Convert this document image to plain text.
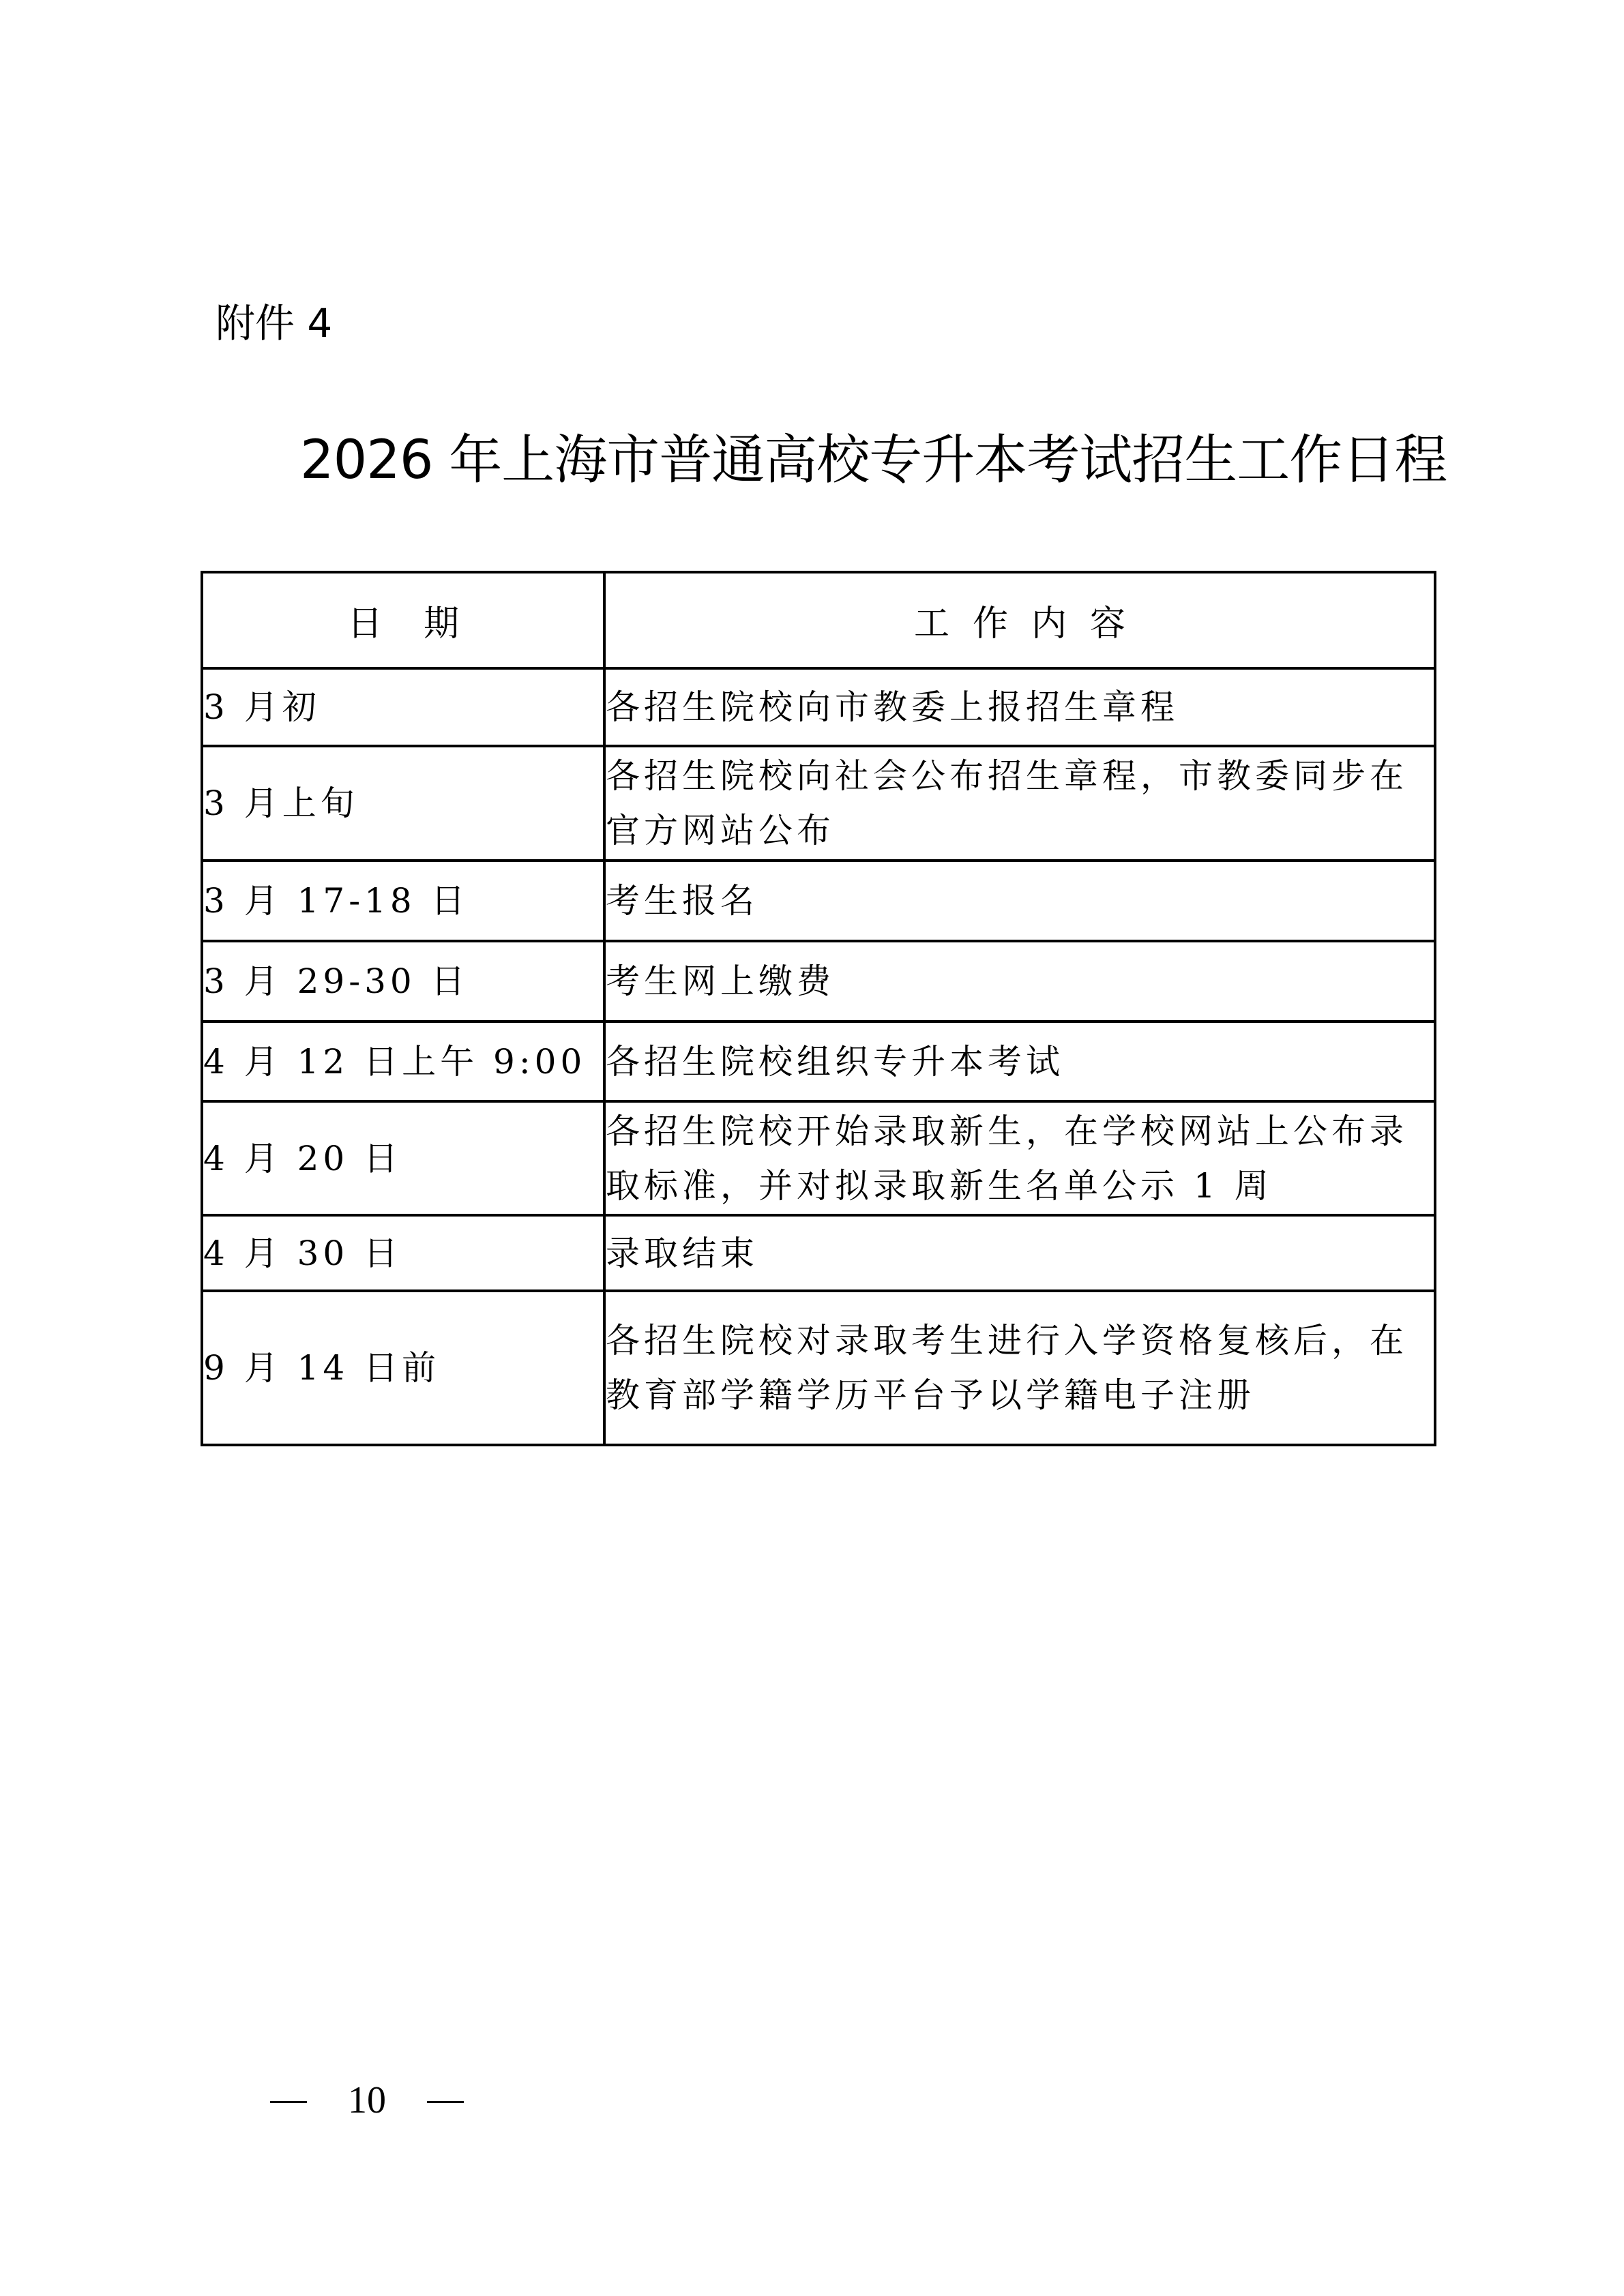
附件 4
2026 年上海市普通高校专升本考试招生工作日程
日期	工作内容
3 月初	各招生院校向市教委上报招生章程
3 月上旬	各招生院校向社会公布招生章程，市教委同步在官方网站公布
3 月 17-18 日	考生报名
3 月 29-30 日	考生网上缴费
4 月 12 日上午 9:00	各招生院校组织专升本考试
4 月 20 日	各招生院校开始录取新生，在学校网站上公布录取标准，并对拟录取新生名单公示 1 周
4 月 30 日	录取结束
9 月 14 日前	各招生院校对录取考生进行入学资格复核后，在教育部学籍学历平台予以学籍电子注册
10
